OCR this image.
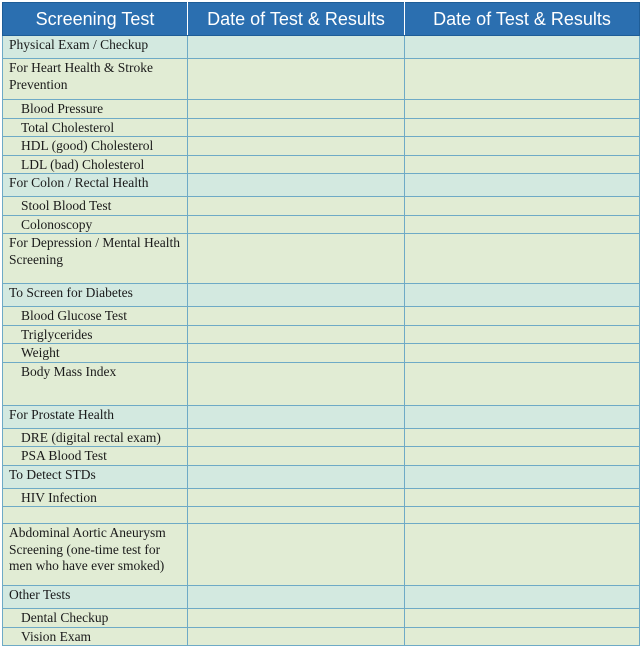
Screening Test	Date of Test & Results	Date of Test & Results

Physical Exam / Checkup		

For Heart Health & Stroke Prevention		

Blood Pressure		

Total Cholesterol		

HDL (good) Cholesterol		

LDL (bad) Cholesterol		

For Colon / Rectal Health		

Stool Blood Test		

Colonoscopy		

For Depression / Mental Health Screening		

To Screen for Diabetes		

Blood Glucose Test		

Triglycerides		

Weight		

Body Mass Index		

For Prostate Health		

DRE (digital rectal exam)		

PSA Blood Test		

To Detect STDs		

HIV Infection		

Abdominal Aortic Aneurysm Screening (one-time test for men who have ever smoked)		

Other Tests		

Dental Checkup		

Vision Exam		
